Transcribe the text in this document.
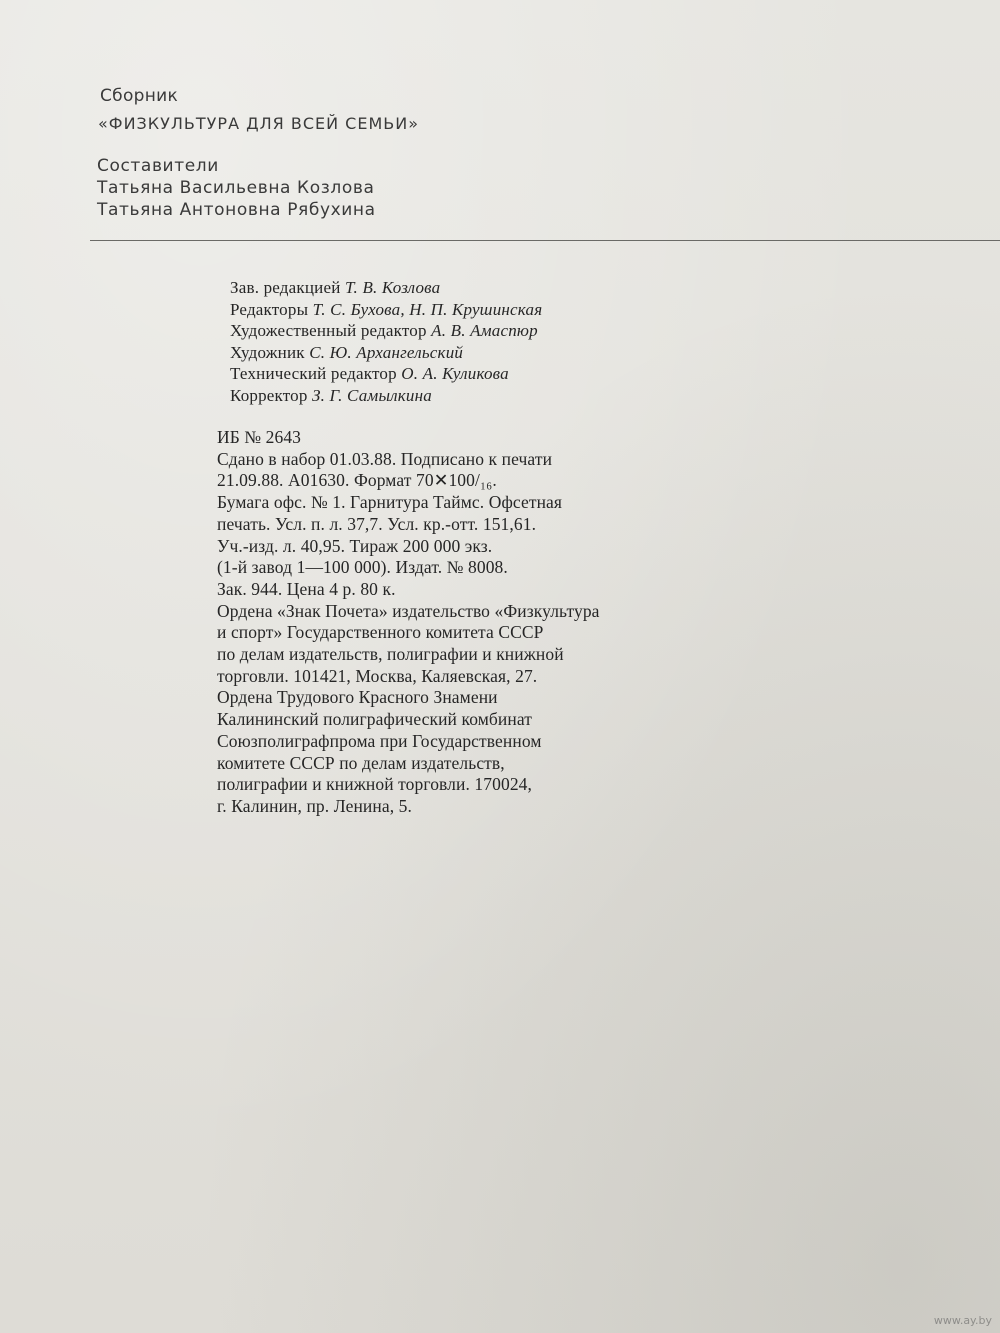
Сборник
«ФИЗКУЛЬТУРА ДЛЯ ВСЕЙ СЕМЬИ»
Составители
Татьяна Васильевна Козлова
Татьяна Антоновна Рябухина
Зав. редакцией Т. В. Козлова
Редакторы Т. С. Бухова, Н. П. Крушинская
Художественный редактор А. В. Амаспюр
Художник С. Ю. Архангельский
Технический редактор О. А. Куликова
Корректор З. Г. Самылкина
ИБ № 2643
Сдано в набор 01.03.88. Подписано к печати
21.09.88. А01630. Формат 70✕100/₁₆.
Бумага офс. № 1. Гарнитура Таймс. Офсетная
печать. Усл. п. л. 37,7. Усл. кр.-отт. 151,61.
Уч.-изд. л. 40,95. Тираж 200 000 экз.
(1-й завод 1—100 000). Издат. № 8008.
Зак. 944. Цена 4 р. 80 к.
Ордена «Знак Почета» издательство «Физкультура
и спорт» Государственного комитета СССР
по делам издательств, полиграфии и книжной
торговли. 101421, Москва, Каляевская, 27.
Ордена Трудового Красного Знамени
Калининский полиграфический комбинат
Союзполиграфпрома при Государственном
комитете СССР по делам издательств,
полиграфии и книжной торговли. 170024,
г. Калинин, пр. Ленина, 5.
www.ay.by
